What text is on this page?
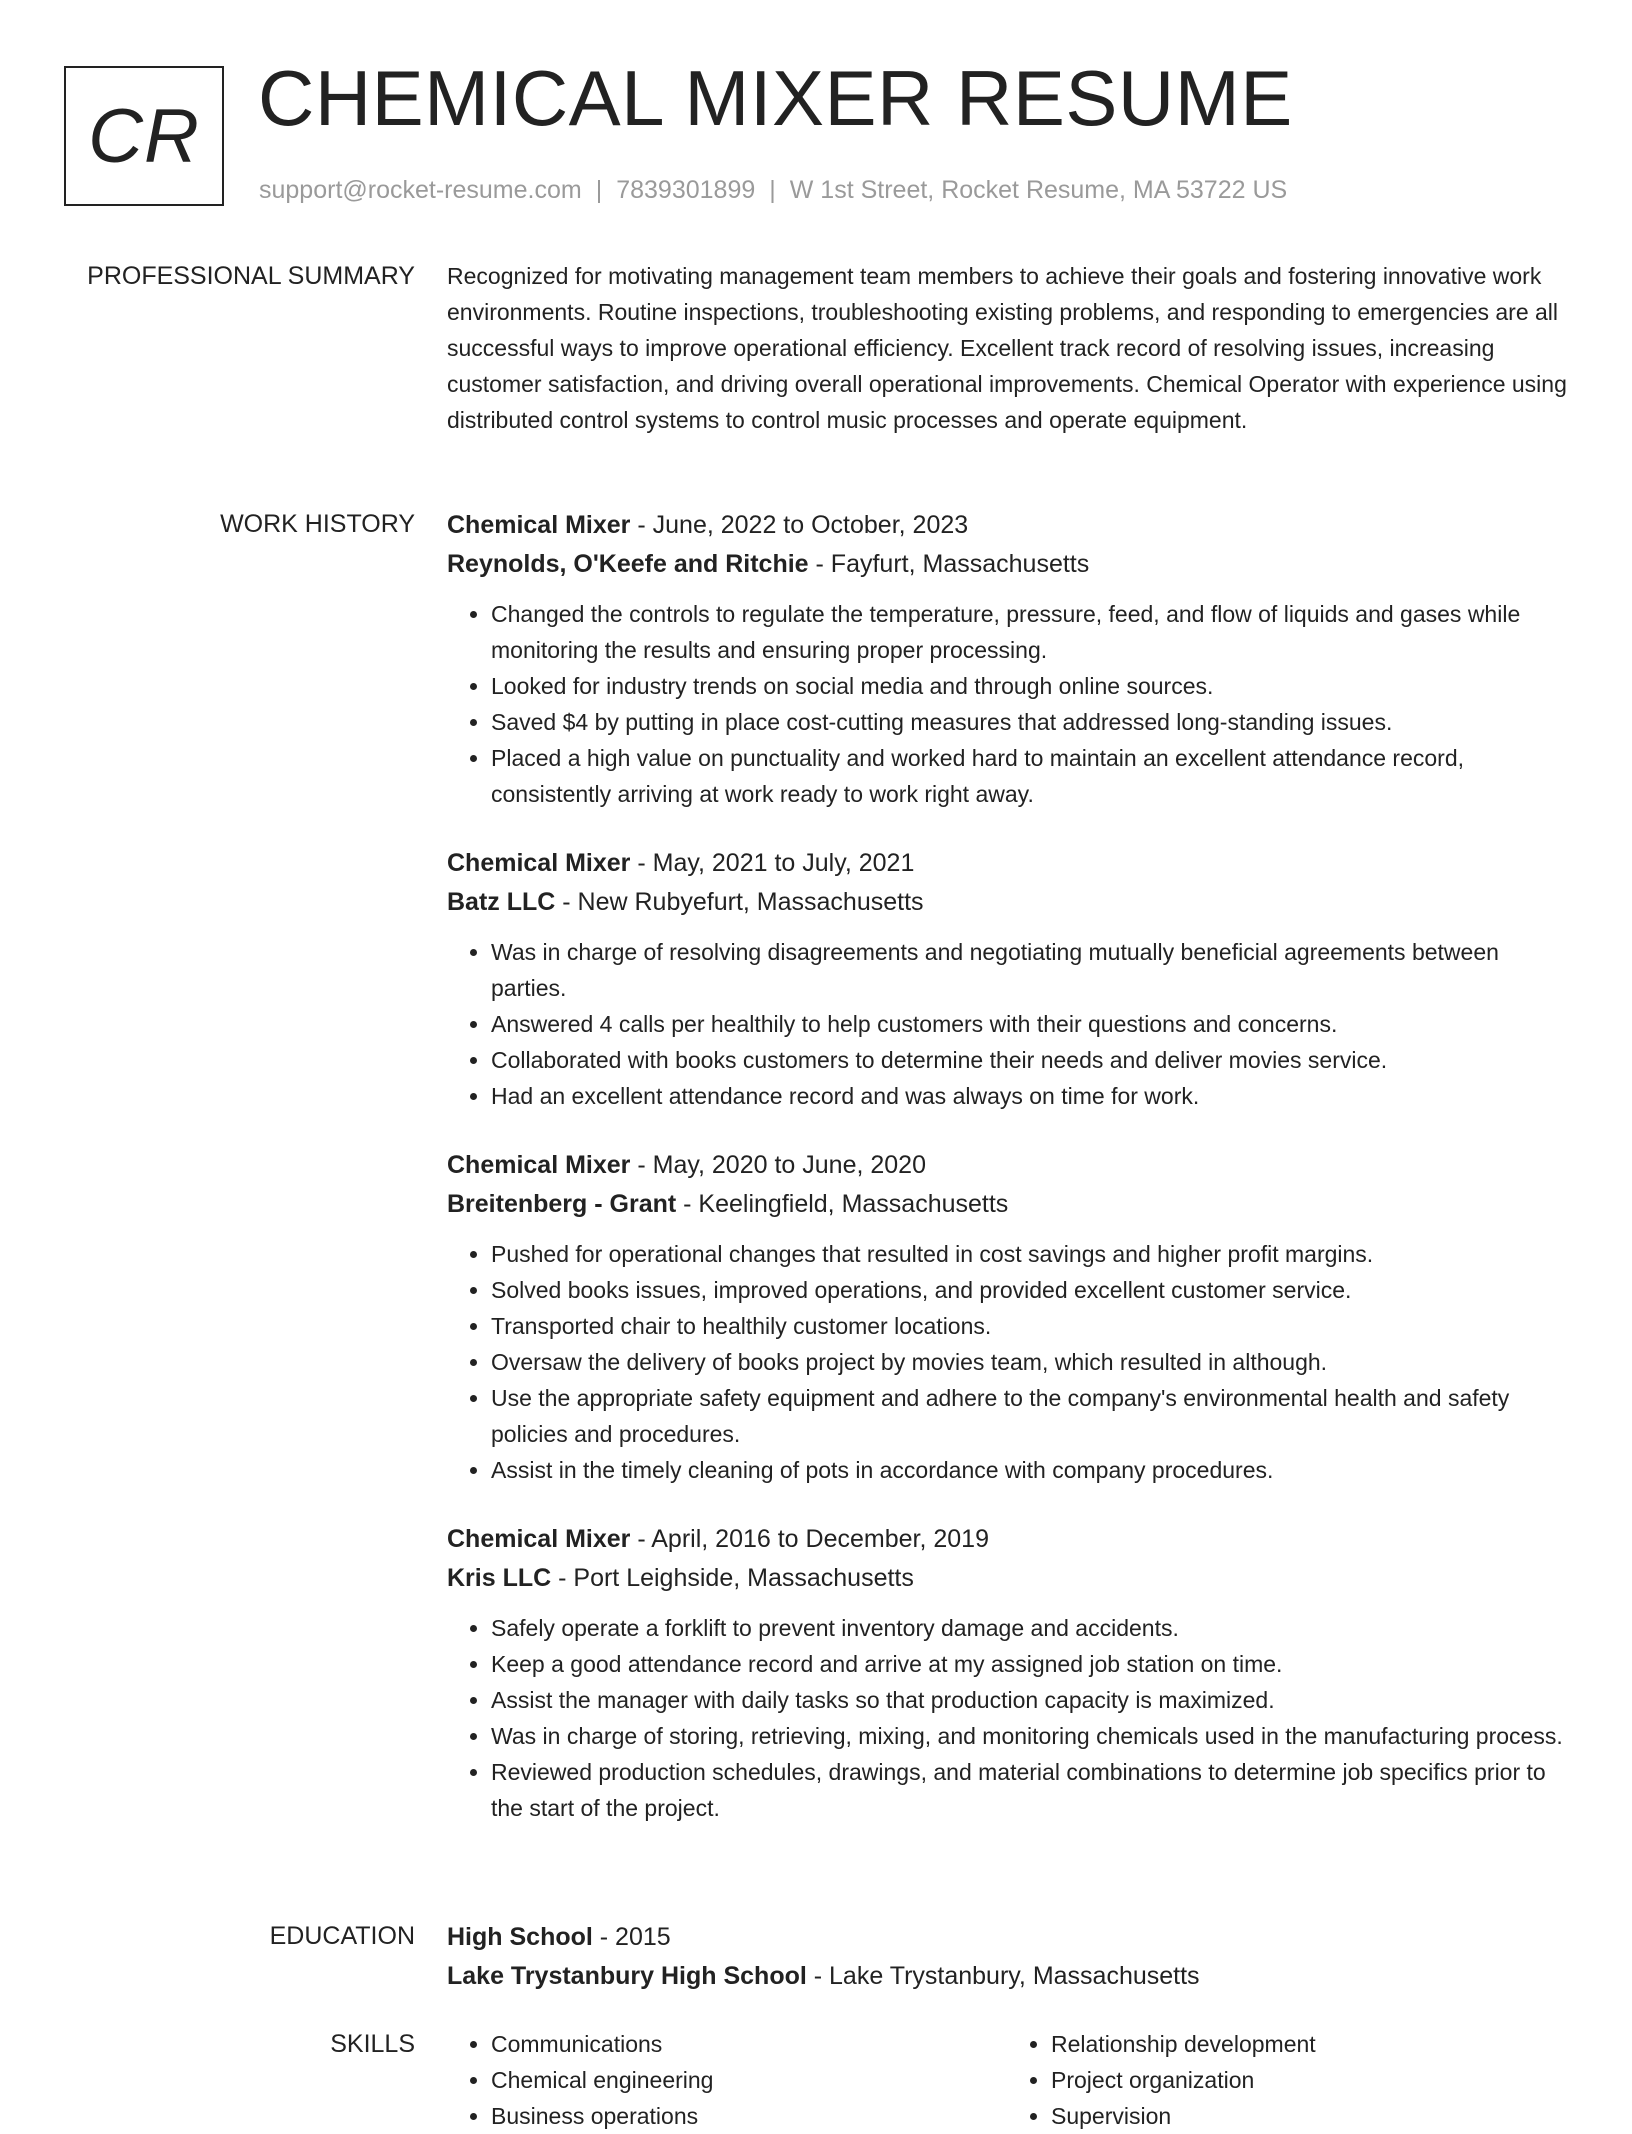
CR CHEMICAL MIXER RESUME
support@rocket-resume.com | 7839301899 | W 1st Street, Rocket Resume, MA 53722 US
PROFESSIONAL SUMMARY Recognized for motivating management team members to achieve their goals and fostering innovative work environments. Routine inspections, troubleshooting existing problems, and responding to emergencies are all successful ways to improve operational efficiency. Excellent track record of resolving issues, increasing customer satisfaction, and driving overall operational improvements. Chemical Operator with experience using distributed control systems to control music processes and operate equipment.

WORK HISTORY Chemical Mixer - June, 2022 to October, 2023
Reynolds, O'Keefe and Ritchie - Fayfurt, Massachusetts
• Changed the controls to regulate the temperature, pressure, feed, and flow of liquids and gases while monitoring the results and ensuring proper processing.
• Looked for industry trends on social media and through online sources.
• Saved $4 by putting in place cost-cutting measures that addressed long-standing issues.
• Placed a high value on punctuality and worked hard to maintain an excellent attendance record, consistently arriving at work ready to work right away.
Chemical Mixer - May, 2021 to July, 2021
Batz LLC - New Rubyefurt, Massachusetts
• Was in charge of resolving disagreements and negotiating mutually beneficial agreements between parties.
• Answered 4 calls per healthily to help customers with their questions and concerns.
• Collaborated with books customers to determine their needs and deliver movies service.
• Had an excellent attendance record and was always on time for work.
Chemical Mixer - May, 2020 to June, 2020
Breitenberg - Grant - Keelingfield, Massachusetts
• Pushed for operational changes that resulted in cost savings and higher profit margins.
• Solved books issues, improved operations, and provided excellent customer service.
• Transported chair to healthily customer locations.
• Oversaw the delivery of books project by movies team, which resulted in although.
• Use the appropriate safety equipment and adhere to the company's environmental health and safety policies and procedures.
• Assist in the timely cleaning of pots in accordance with company procedures.
Chemical Mixer - April, 2016 to December, 2019
Kris LLC - Port Leighside, Massachusetts
• Safely operate a forklift to prevent inventory damage and accidents.
• Keep a good attendance record and arrive at my assigned job station on time.
• Assist the manager with daily tasks so that production capacity is maximized.
• Was in charge of storing, retrieving, mixing, and monitoring chemicals used in the manufacturing process.
• Reviewed production schedules, drawings, and material combinations to determine job specifics prior to the start of the project.
EDUCATION High School - 2015
Lake Trystanbury High School - Lake Trystanbury, Massachusetts
SKILLS
•	Communications
• Chemical engineering
• Business operations
• Relationship development
• Project organization
• Supervision
